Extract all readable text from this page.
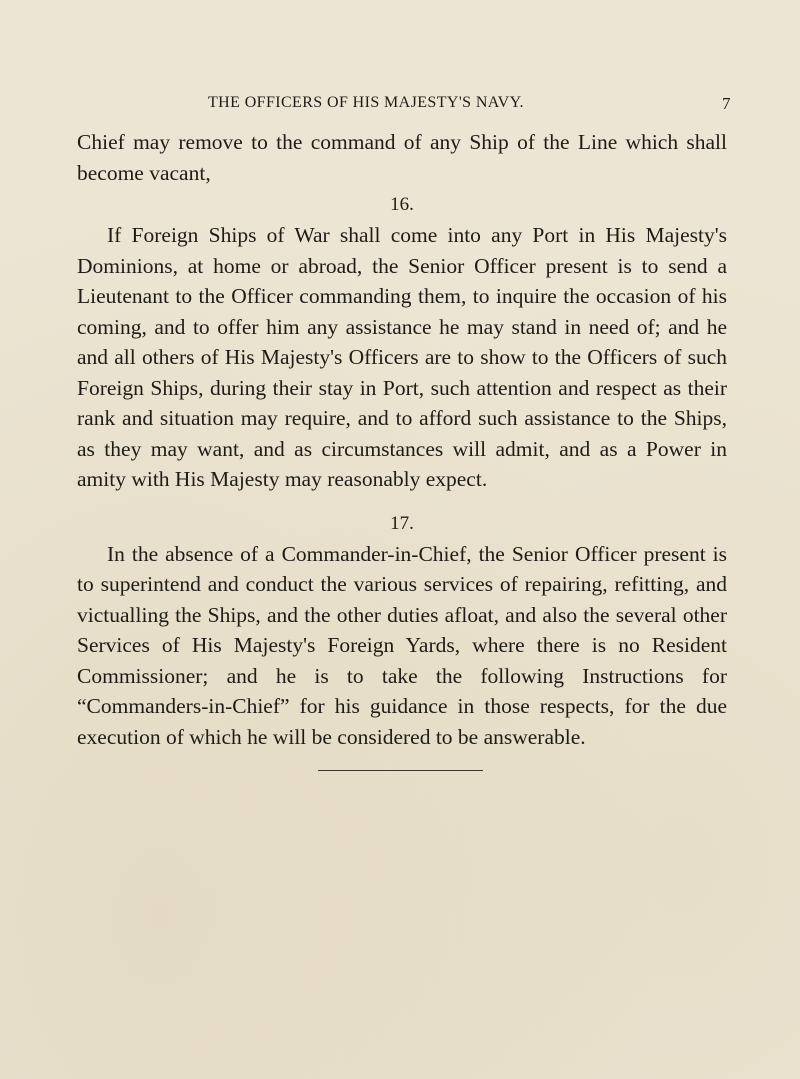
THE OFFICERS OF HIS MAJESTY'S NAVY.	7

Chief may remove to the command of any Ship of the Line which shall become vacant,

16.

If Foreign Ships of War shall come into any Port in His Majesty's Dominions, at home or abroad, the Senior Officer present is to send a Lieutenant to the Officer commanding them, to inquire the occasion of his coming, and to offer him any assistance he may stand in need of; and he and all others of His Majesty's Officers are to show to the Officers of such Foreign Ships, during their stay in Port, such attention and respect as their rank and situation may require, and to afford such assistance to the Ships, as they may want, and as circumstances will admit, and as a Power in amity with His Majesty may reasonably expect.

17.

In the absence of a Commander-in-Chief, the Senior Officer present is to superintend and conduct the various services of repairing, refitting, and victualling the Ships, and the other duties afloat, and also the several other Services of His Majesty's Foreign Yards, where there is no Resident Commissioner; and he is to take the following Instructions for “Commanders-in-Chief” for his guidance in those respects, for the due execution of which he will be considered to be answerable.
